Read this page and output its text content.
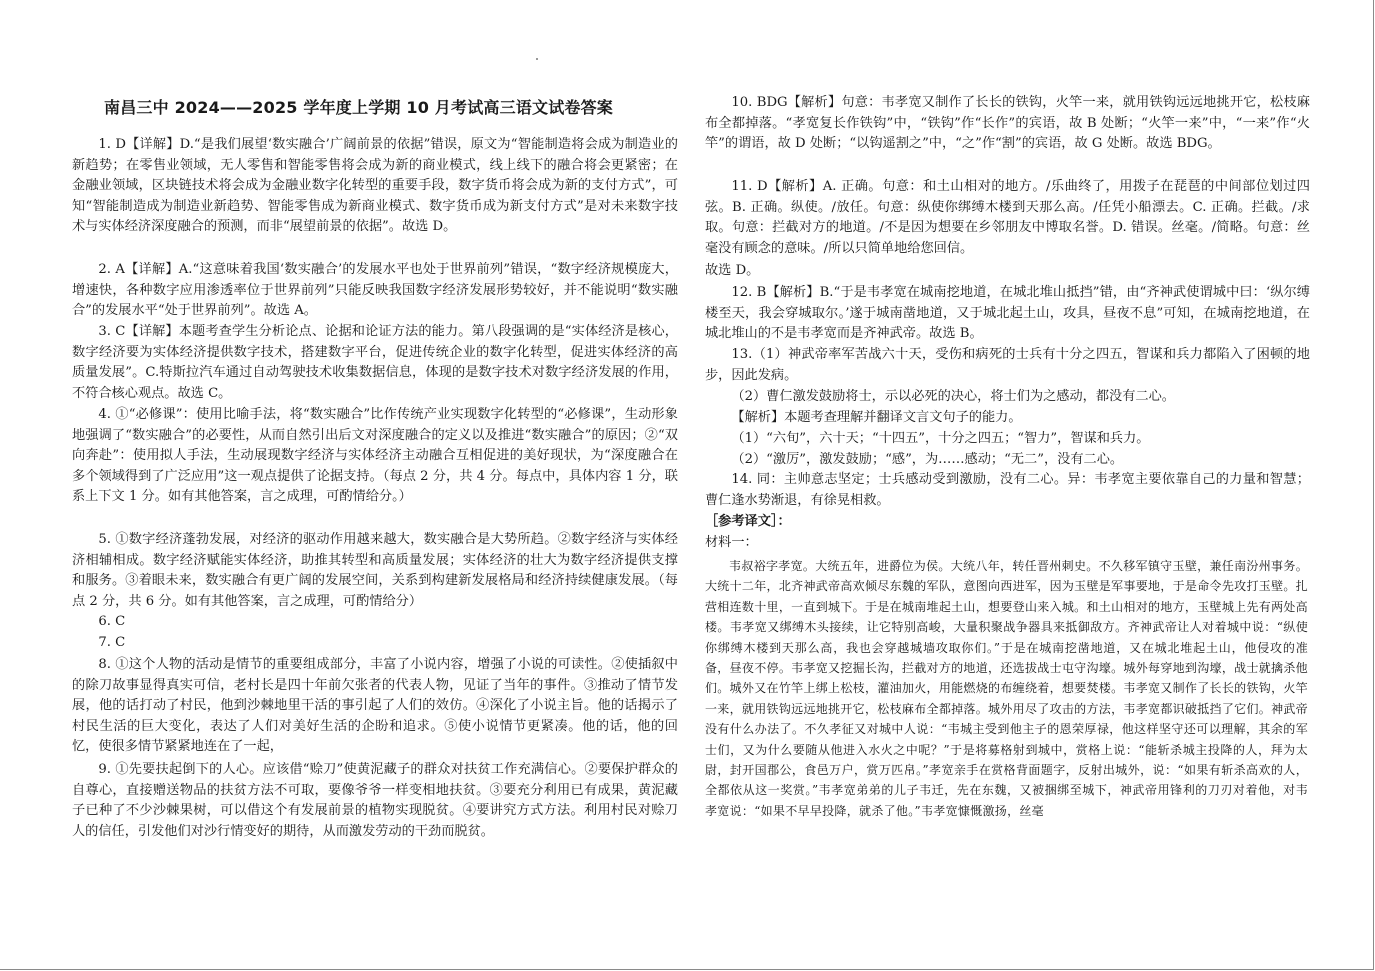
南昌三中 2024——2025 学年度上学期 10 月考试高三语文试卷答案
1. D【详解】D.“是我们展望‘数实融合’广阔前景的依据”错误，原文为“智能制造将会成为制造业的新趋势；在零售业领域，无人零售和智能零售将会成为新的商业模式，线上线下的融合将会更紧密；在金融业领域，区块链技术将会成为金融业数字化转型的重要手段，数字货币将会成为新的支付方式”，可知“智能制造成为制造业新趋势、智能零售成为新商业模式、数字货币成为新支付方式”是对未来数字技术与实体经济深度融合的预测，而非“展望前景的依据”。故选 D。
2. A【详解】A.“这意味着我国‘数实融合’的发展水平也处于世界前列”错误，“数字经济规模庞大，增速快，各种数字应用渗透率位于世界前列”只能反映我国数字经济发展形势较好，并不能说明“数实融合”的发展水平“处于世界前列”。故选 A。
3. C【详解】本题考查学生分析论点、论据和论证方法的能力。第八段强调的是“实体经济是核心，数字经济要为实体经济提供数字技术，搭建数字平台，促进传统企业的数字化转型，促进实体经济的高质量发展”。C.特斯拉汽车通过自动驾驶技术收集数据信息，体现的是数字技术对数字经济发展的作用，不符合核心观点。故选 C。
4. ①“必修课”：使用比喻手法，将“数实融合”比作传统产业实现数字化转型的“必修课”，生动形象地强调了“数实融合”的必要性，从而自然引出后文对深度融合的定义以及推进“数实融合”的原因；②“双向奔赴”：使用拟人手法，生动展现数字经济与实体经济主动融合互相促进的美好现状，为“深度融合在多个领域得到了广泛应用”这一观点提供了论据支持。（每点 2 分，共 4 分。每点中，具体内容 1 分，联系上下文 1 分。如有其他答案，言之成理，可酌情给分。）
5. ①数字经济蓬勃发展，对经济的驱动作用越来越大，数实融合是大势所趋。②数字经济与实体经济相辅相成。数字经济赋能实体经济，助推其转型和高质量发展；实体经济的壮大为数字经济提供支撑和服务。③着眼未来，数实融合有更广阔的发展空间，关系到构建新发展格局和经济持续健康发展。（每点 2 分，共 6 分。如有其他答案，言之成理，可酌情给分）
6. C
7. C
8. ①这个人物的活动是情节的重要组成部分，丰富了小说内容，增强了小说的可读性。②使插叙中的除刀故事显得真实可信，老村长是四十年前欠张者的代表人物，见证了当年的事件。③推动了情节发展，他的话打动了村民，他到沙棘地里干活的事引起了人们的效仿。④深化了小说主旨。他的话揭示了村民生活的巨大变化，表达了人们对美好生活的企盼和追求。⑤使小说情节更紧凑。他的话，他的回忆，使很多情节紧紧地连在了一起，
9. ①先要扶起倒下的人心。应该借“赊刀”使黄泥藏子的群众对扶贫工作充满信心。②要保护群众的自尊心，直接赠送物品的扶贫方法不可取，要像爷爷一样变相地扶贫。③要充分利用已有成果，黄泥藏子已种了不少沙棘果树，可以借这个有发展前景的植物实现脱贫。④要讲究方式方法。利用村民对赊刀人的信任，引发他们对沙行情变好的期待，从而激发劳动的干劲而脱贫。
10. BDG【解析】句意：韦孝宽又制作了长长的铁钩，火竿一来，就用铁钩远远地挑开它，松枝麻布全都掉落。“孝宽复长作铁钩”中，“铁钩”作“长作”的宾语，故 B 处断；“火竿一来”中，“一来”作“火竿”的谓语，故 D 处断；“以钩遥割之”中，“之”作“割”的宾语，故 G 处断。故选 BDG。
11. D【解析】A. 正确。句意：和土山相对的地方。/乐曲终了，用拨子在琵琶的中间部位划过四弦。B. 正确。纵使。/放任。句意：纵使你绑缚木楼到天那么高。/任凭小船漂去。C. 正确。拦截。/求取。句意：拦截对方的地道。/不是因为想要在乡邻朋友中博取名誉。D. 错误。丝毫。/简略。句意：丝毫没有顾念的意味。/所以只简单地给您回信。
故选 D。
12. B【解析】B.“于是韦孝宽在城南挖地道，在城北堆山抵挡”错，由“齐神武使谓城中曰：‘纵尔缚楼至天，我会穿城取尔。’遂于城南凿地道，又于城北起土山，攻具，昼夜不息”可知，在城南挖地道，在城北堆山的不是韦孝宽而是齐神武帝。故选 B。
13.（1）神武帝率军苦战六十天，受伤和病死的士兵有十分之四五，智谋和兵力都陷入了困顿的地步，因此发病。
（2）曹仁激发鼓励将士，示以必死的决心，将士们为之感动，都没有二心。
【解析】本题考查理解并翻译文言文句子的能力。
（1）“六旬”，六十天；“十四五”，十分之四五；“智力”，智谋和兵力。
（2）“激厉”，激发鼓励；“感”，为……感动；“无二”，没有二心。
14. 同：主帅意志坚定；士兵感动受到激励，没有二心。异：韦孝宽主要依靠自己的力量和智慧；曹仁逢水势渐退，有徐晃相救。
［参考译文］：
材料一：
韦叔裕字孝宽。大统五年，进爵位为侯。大统八年，转任晋州刺史。不久移军镇守玉壁，兼任南汾州事务。大统十二年，北齐神武帝高欢倾尽东魏的军队，意图向西进军，因为玉壁是军事要地，于是命令先攻打玉壁。扎营相连数十里，一直到城下。于是在城南堆起土山，想要登山来入城。和土山相对的地方，玉壁城上先有两处高楼。韦孝宽又绑缚木头接续，让它特别高峻，大量积聚战争器具来抵御敌方。齐神武帝让人对着城中说：“纵使你绑缚木楼到天那么高，我也会穿越城墙攻取你们。”于是在城南挖凿地道，又在城北堆起土山，他侵攻的准备，昼夜不停。韦孝宽又挖掘长沟，拦截对方的地道，还选拔战士屯守沟壕。城外每穿地到沟壕，战士就擒杀他们。城外又在竹竿上绑上松枝，灌油加火，用能燃烧的布缠绕着，想要焚楼。韦孝宽又制作了长长的铁钩，火竿一来，就用铁钩远远地挑开它，松枝麻布全都掉落。城外用尽了攻击的方法，韦孝宽都识破抵挡了它们。神武帝没有什么办法了。不久孝征又对城中人说：“韦城主受到他主子的恩荣厚禄，他这样坚守还可以理解，其余的军士们，又为什么要随从他进入水火之中呢？”于是将募格射到城中，赏格上说：“能斩杀城主投降的人，拜为太尉，封开国郡公，食邑万户，赏万匹帛。”孝宽亲手在赏格背面题字，反射出城外，说：“如果有斩杀高欢的人，全都依从这一奖赏。”韦孝宽弟弟的儿子韦迁，先在东魏，又被捆绑至城下，神武帝用锋利的刀刃对着他，对韦孝宽说：“如果不早早投降，就杀了他。”韦孝宽慷慨激扬，丝毫
